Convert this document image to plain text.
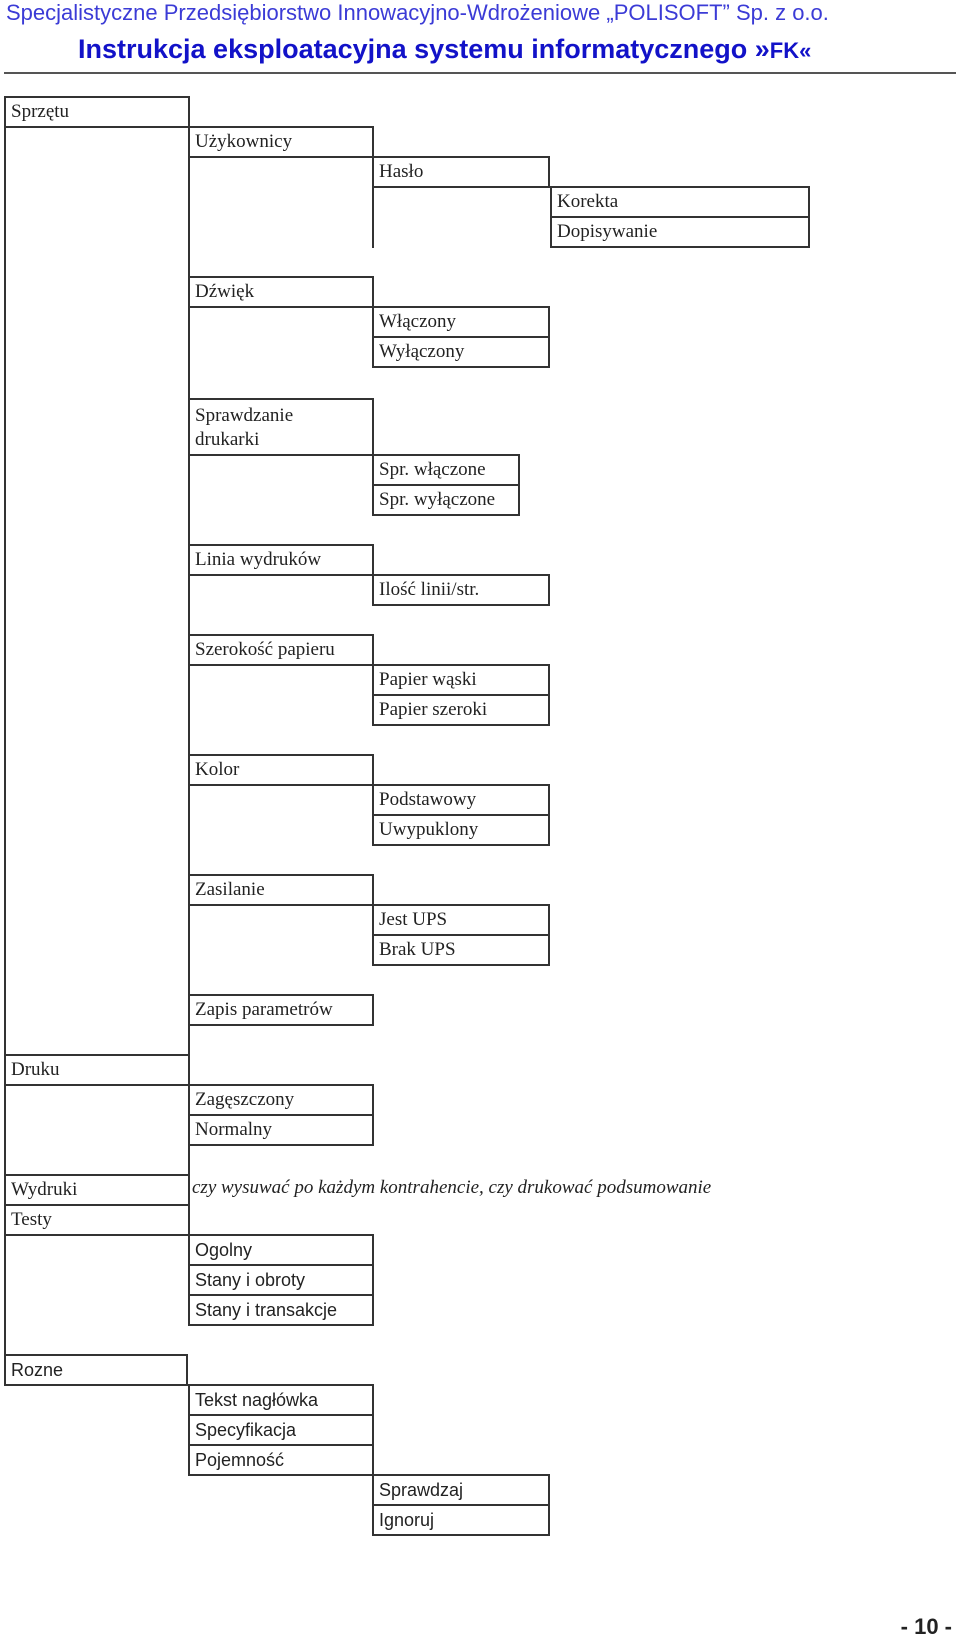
Specjalistyczne Przedsiębiorstwo Innowacyjno-Wdrożeniowe „POLISOFT” Sp. z o.o.
Instrukcja eksploatacyjna systemu informatycznego »FK«
Sprzętu
Użykownicy
Hasło
Korekta
Dopisywanie
Dźwięk
Włączony
Wyłączony
Sprawdzanie
drukarki
Spr. włączone
Spr. wyłączone
Linia wydruków
Ilość linii/str.
Szerokość papieru
Papier wąski
Papier szeroki
Kolor
Podstawowy
Uwypuklony
Zasilanie
Jest UPS
Brak UPS
Zapis parametrów
Druku
Zagęszczony
Normalny
Wydruki	czy wysuwać po każdym kontrahencie, czy drukować podsumowanie
Testy
Ogolny
Stany i obroty
Stany i transakcje
Rozne
Tekst nagłówka
Specyfikacja
Pojemność
Sprawdzaj
Ignoruj
- 10 -
